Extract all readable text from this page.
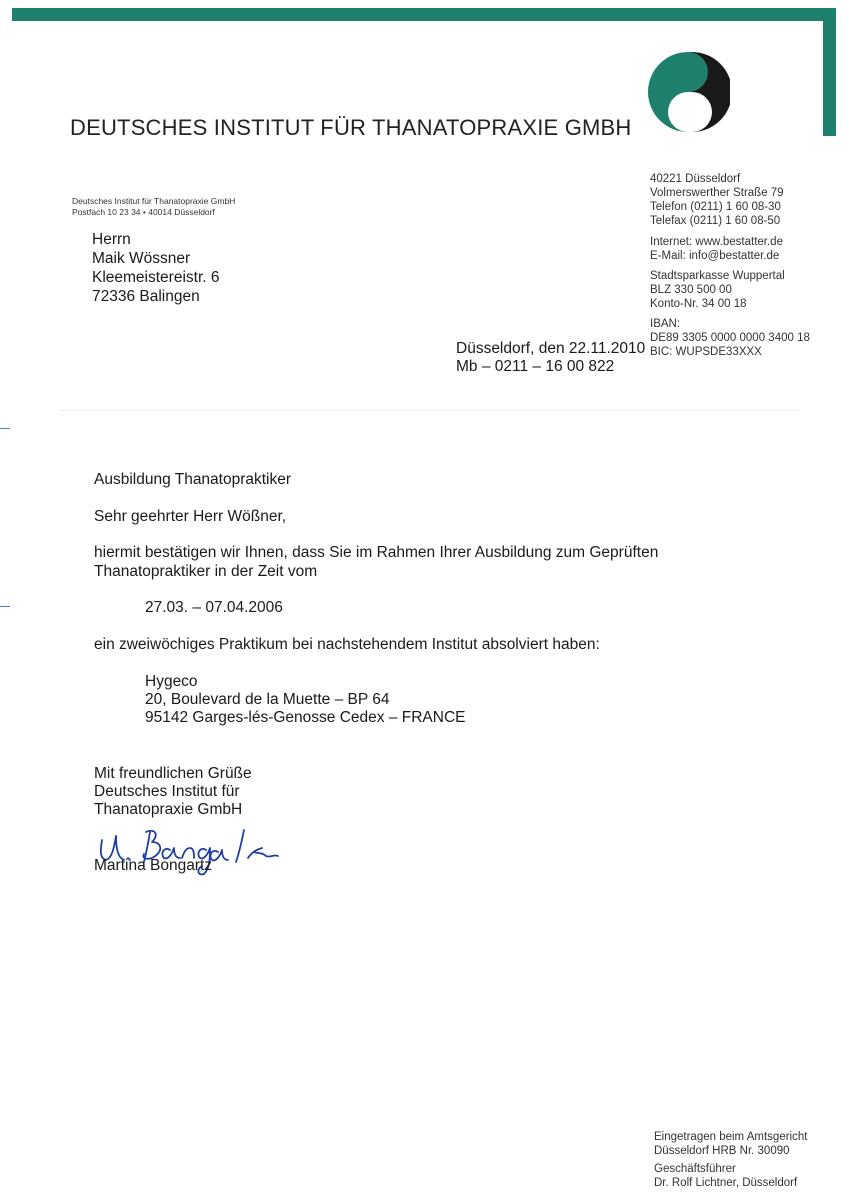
DEUTSCHES INSTITUT FÜR THANATOPRAXIE GMBH
Deutsches Institut für Thanatopraxie GmbH
Postfach 10 23 34 • 40014 Düsseldorf
40221 Düsseldorf
Volmerswerther Straße 79
Telefon (0211) 1 60 08-30
Telefax (0211) 1 60 08-50
Internet: www.bestatter.de
E-Mail: info@bestatter.de
Stadtsparkasse Wuppertal
BLZ 330 500 00
Konto-Nr. 34 00 18
IBAN:
DE89 3305 0000 0000 3400 18
BIC: WUPSDE33XXX
Herrn
Maik Wössner
Kleemeistereistr. 6
72336 Balingen
Düsseldorf, den 22.11.2010
Mb – 0211 – 16 00 822
Ausbildung Thanatopraktiker
Sehr geehrter Herr Wößner,
hiermit bestätigen wir Ihnen, dass Sie im Rahmen Ihrer Ausbildung zum Geprüften
Thanatopraktiker in der Zeit vom
27.03. – 07.04.2006
ein zweiwöchiges Praktikum bei nachstehendem Institut absolviert haben:
Hygeco
20, Boulevard de la Muette – BP 64
95142 Garges-lés-Genosse Cedex – FRANCE
Mit freundlichen Grüße
Deutsches Institut für
Thanatopraxie GmbH
Martina Bongartz
Eingetragen beim Amtsgericht
Düsseldorf HRB Nr. 30090
Geschäftsführer
Dr. Rolf Lichtner, Düsseldorf
